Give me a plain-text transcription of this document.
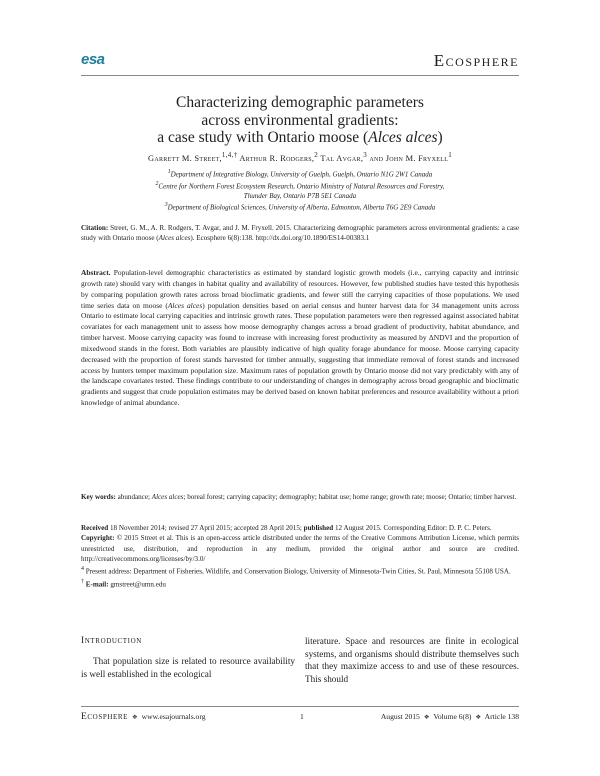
esa	Ecosphere
Characterizing demographic parameters
across environmental gradients:
a case study with Ontario moose (Alces alces)
Garrett M. Street,$^{1,4,\dagger}$ Arthur R. Rodgers,$^2$ Tal Avgar,$^3$ and John M. Fryxell$^1$
$^1$Department of Integrative Biology, University of Guelph, Guelph, Ontario N1G 2W1 Canada
$^2$Centre for Northern Forest Ecosystem Research, Ontario Ministry of Natural Resources and Forestry,
Thunder Bay, Ontario P7B 5E1 Canada
$^3$Department of Biological Sciences, University of Alberta, Edmonton, Alberta T6G 2E9 Canada
Citation: Street, G. M., A. R. Rodgers, T. Avgar, and J. M. Fryxell. 2015. Characterizing demographic parameters across environmental gradients: a case study with Ontario moose (Alces alces). Ecosphere 6(8):138. http://dx.doi.org/10.1890/ES14-00383.1
Abstract. Population-level demographic characteristics as estimated by standard logistic growth models (i.e., carrying capacity and intrinsic growth rate) should vary with changes in habitat quality and availability of resources. However, few published studies have tested this hypothesis by comparing population growth rates across broad bioclimatic gradients, and fewer still the carrying capacities of those populations. We used time series data on moose (Alces alces) population densities based on aerial census and hunter harvest data for 34 management units across Ontario to estimate local carrying capacities and intrinsic growth rates. These population parameters were then regressed against associated habitat covariates for each management unit to assess how moose demography changes across a broad gradient of productivity, habitat abundance, and timber harvest. Moose carrying capacity was found to increase with increasing forest productivity as measured by ΔNDVI and the proportion of mixedwood stands in the forest. Both variables are plausibly indicative of high quality forage abundance for moose. Moose carrying capacity decreased with the proportion of forest stands harvested for timber annually, suggesting that immediate removal of forest stands and increased access by hunters temper maximum population size. Maximum rates of population growth by Ontario moose did not vary predictably with any of the landscape covariates tested. These findings contribute to our understanding of changes in demography across broad geographic and bioclimatic gradients and suggest that crude population estimates may be derived based on known habitat preferences and resource availability without a priori knowledge of animal abundance.
Key words: abundance; Alces alces; boreal forest; carrying capacity; demography; habitat use; home range; growth rate; moose; Ontario; timber harvest.

Received 18 November 2014; revised 27 April 2015; accepted 28 April 2015; published 12 August 2015. Corresponding Editor: D. P. C. Peters.

Copyright: © 2015 Street et al. This is an open-access article distributed under the terms of the Creative Commons Attribution License, which permits unrestricted use, distribution, and reproduction in any medium, provided the original author and source are credited. http://creativecommons.org/licenses/by/3.0/

$^4$ Present address: Department of Fisheries, Wildlife, and Conservation Biology, University of Minnesota-Twin Cities, St. Paul, Minnesota 55108 USA.

† E-mail: gmstreet@umn.edu

Introduction
That population size is related to resource availability is well established in the ecological
literature. Space and resources are finite in ecological systems, and organisms should distribute themselves such that they maximize access to and use of these resources. This should
Ecosphere ❖ www.esajournals.org	1	August 2015 ❖ Volume 6(8) ❖ Article 138
